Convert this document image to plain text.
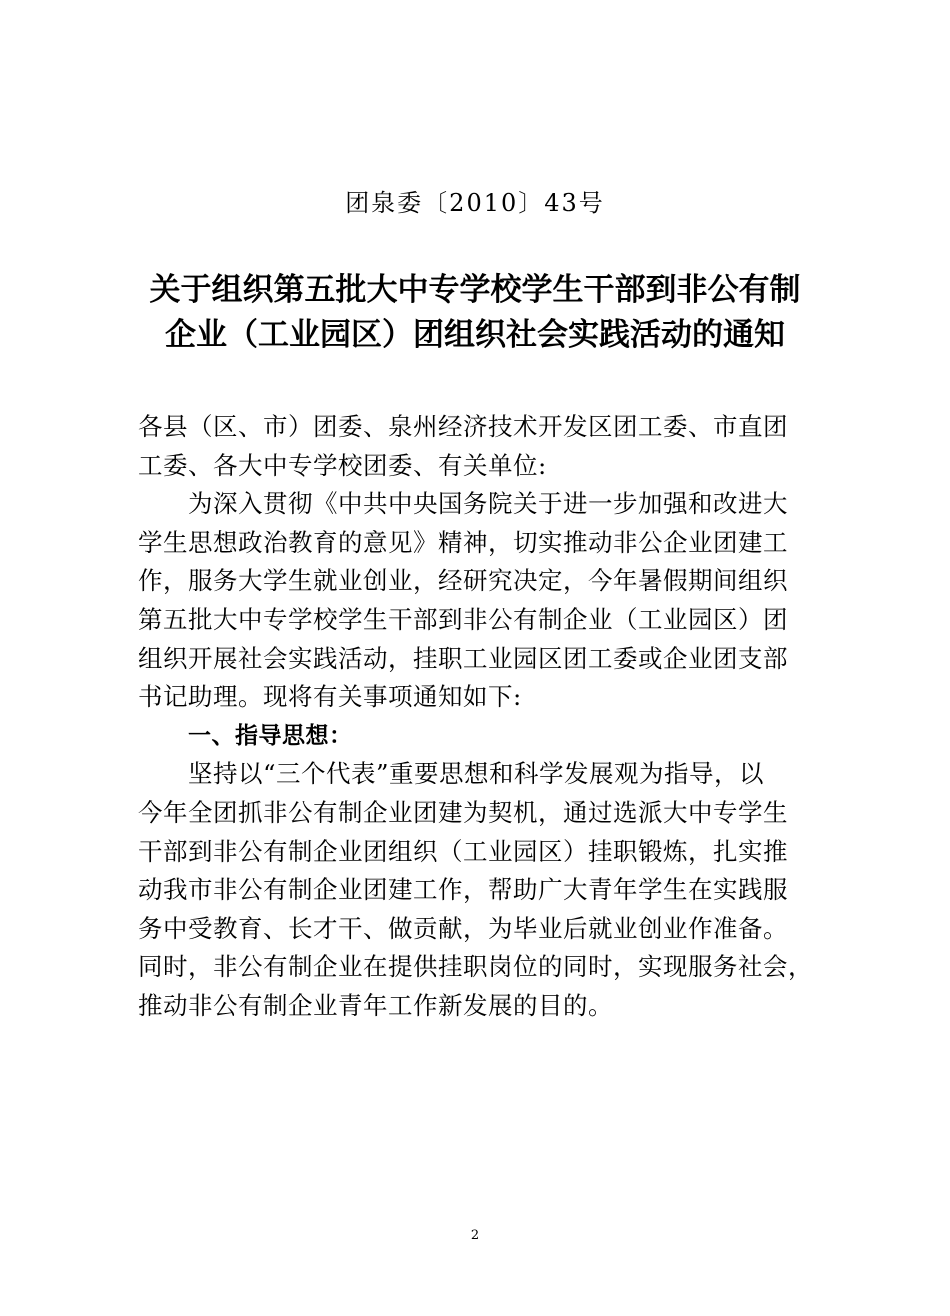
团泉委〔2010〕43号
关于组织第五批大中专学校学生干部到非公有制
企业（工业园区）团组织社会实践活动的通知
各县（区、市）团委、泉州经济技术开发区团工委、市直团
工委、各大中专学校团委、有关单位:
为深入贯彻《中共中央国务院关于进一步加强和改进大
学生思想政治教育的意见》精神，切实推动非公企业团建工
作，服务大学生就业创业，经研究决定，今年暑假期间组织
第五批大中专学校学生干部到非公有制企业（工业园区）团
组织开展社会实践活动，挂职工业园区团工委或企业团支部
书记助理。现将有关事项通知如下:
一、指导思想：
坚持以“三个代表”重要思想和科学发展观为指导，以
今年全团抓非公有制企业团建为契机，通过选派大中专学生
干部到非公有制企业团组织（工业园区）挂职锻炼，扎实推
动我市非公有制企业团建工作，帮助广大青年学生在实践服
务中受教育、长才干、做贡献，为毕业后就业创业作准备。
同时，非公有制企业在提供挂职岗位的同时，实现服务社会，
推动非公有制企业青年工作新发展的目的。
2
